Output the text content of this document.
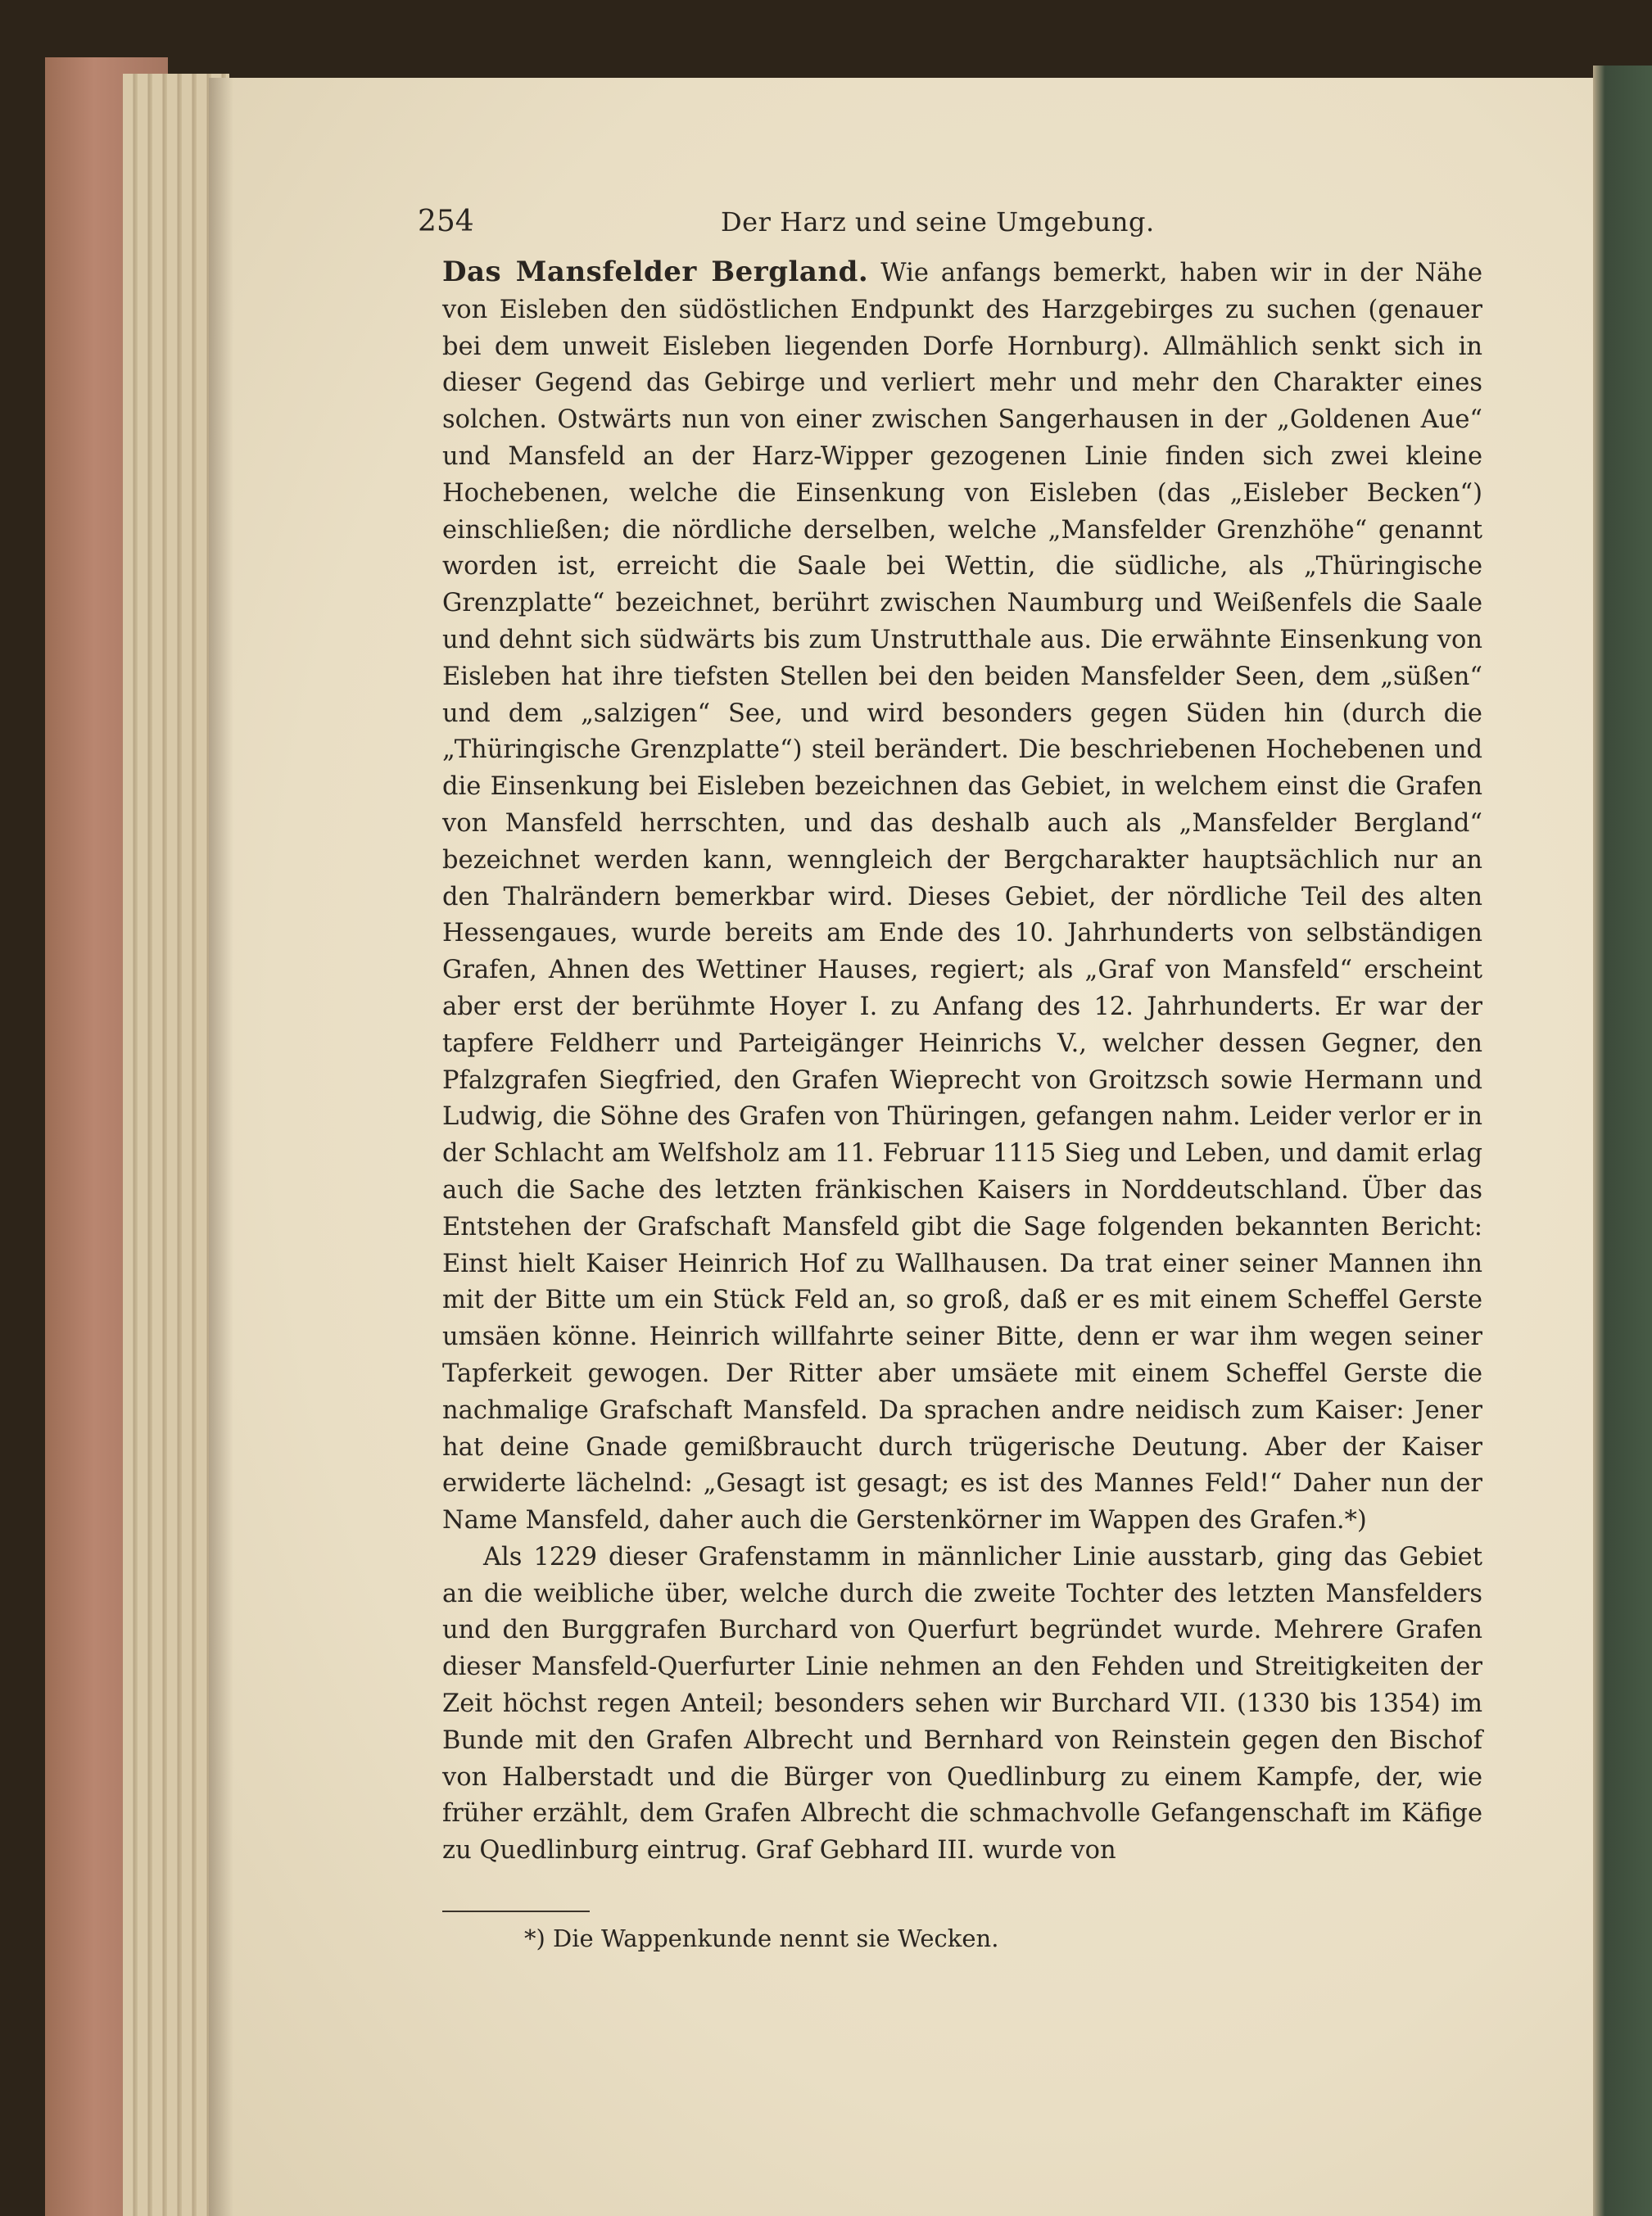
254	Der Harz und seine Umgebung.

Das Mansfelder Bergland. Wie anfangs bemerkt, haben wir in der Nähe von Eisleben den südöstlichen Endpunkt des Harzgebirges zu suchen (genauer bei dem unweit Eisleben liegenden Dorfe Hornburg). Allmählich senkt sich in dieser Gegend das Gebirge und verliert mehr und mehr den Charakter eines solchen. Ostwärts nun von einer zwischen Sangerhausen in der „Goldenen Aue“ und Mansfeld an der Harz-Wipper gezogenen Linie finden sich zwei kleine Hochebenen, welche die Einsenkung von Eisleben (das „Eisleber Becken“) einschließen; die nördliche derselben, welche „Mansfelder Grenzhöhe“ genannt worden ist, erreicht die Saale bei Wettin, die südliche, als „Thüringische Grenzplatte“ bezeichnet, berührt zwischen Naumburg und Weißenfels die Saale und dehnt sich südwärts bis zum Unstrutthale aus. Die erwähnte Einsenkung von Eisleben hat ihre tiefsten Stellen bei den beiden Mansfelder Seen, dem „süßen“ und dem „salzigen“ See, und wird besonders gegen Süden hin (durch die „Thüringische Grenzplatte“) steil berändert. Die beschriebenen Hochebenen und die Einsenkung bei Eisleben bezeichnen das Gebiet, in welchem einst die Grafen von Mansfeld herrschten, und das deshalb auch als „Mansfelder Bergland“ bezeichnet werden kann, wenngleich der Bergcharakter hauptsächlich nur an den Thalrändern bemerkbar wird. Dieses Gebiet, der nördliche Teil des alten Hessengaues, wurde bereits am Ende des 10. Jahrhunderts von selbständigen Grafen, Ahnen des Wettiner Hauses, regiert; als „Graf von Mansfeld“ erscheint aber erst der berühmte Hoyer I. zu Anfang des 12. Jahrhunderts. Er war der tapfere Feldherr und Parteigänger Heinrichs V., welcher dessen Gegner, den Pfalzgrafen Siegfried, den Grafen Wieprecht von Groitzsch sowie Hermann und Ludwig, die Söhne des Grafen von Thüringen, gefangen nahm. Leider verlor er in der Schlacht am Welfsholz am 11. Februar 1115 Sieg und Leben, und damit erlag auch die Sache des letzten fränkischen Kaisers in Norddeutschland. Über das Entstehen der Grafschaft Mansfeld gibt die Sage folgenden bekannten Bericht: Einst hielt Kaiser Heinrich Hof zu Wallhausen. Da trat einer seiner Mannen ihn mit der Bitte um ein Stück Feld an, so groß, daß er es mit einem Scheffel Gerste umsäen könne. Heinrich willfahrte seiner Bitte, denn er war ihm wegen seiner Tapferkeit gewogen. Der Ritter aber umsäete mit einem Scheffel Gerste die nachmalige Grafschaft Mansfeld. Da sprachen andre neidisch zum Kaiser: Jener hat deine Gnade gemißbraucht durch trügerische Deutung. Aber der Kaiser erwiderte lächelnd: „Gesagt ist gesagt; es ist des Mannes Feld!“ Daher nun der Name Mansfeld, daher auch die Gerstenkörner im Wappen des Grafen.*)

Als 1229 dieser Grafenstamm in männlicher Linie ausstarb, ging das Gebiet an die weibliche über, welche durch die zweite Tochter des letzten Mansfelders und den Burggrafen Burchard von Querfurt begründet wurde. Mehrere Grafen dieser Mansfeld-Querfurter Linie nehmen an den Fehden und Streitigkeiten der Zeit höchst regen Anteil; besonders sehen wir Burchard VII. (1330 bis 1354) im Bunde mit den Grafen Albrecht und Bernhard von Reinstein gegen den Bischof von Halberstadt und die Bürger von Quedlinburg zu einem Kampfe, der, wie früher erzählt, dem Grafen Albrecht die schmachvolle Gefangenschaft im Käfige zu Quedlinburg eintrug. Graf Gebhard III. wurde von

*) Die Wappenkunde nennt sie Wecken.
